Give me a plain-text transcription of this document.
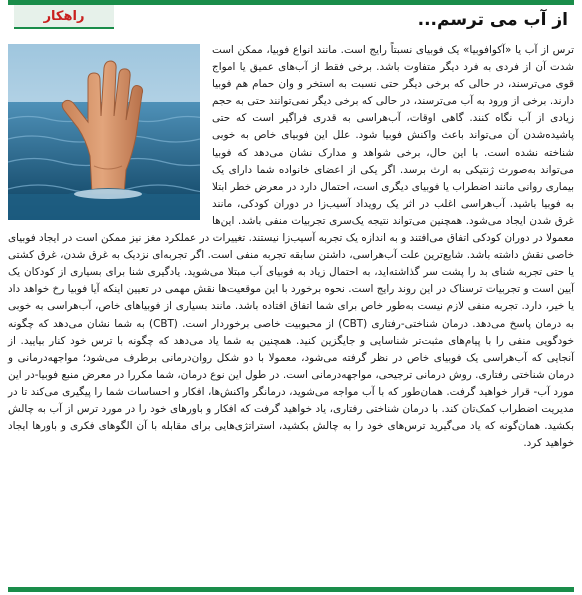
از آب می ترسم...
راهکار

ترس از آب یا «آکوافوبیا» یک فوبیای نسبتاً رایج است. مانند انواع فوبیا، ممکن است شدت آن از فردی به فرد دیگر متفاوت باشد. برخی فقط از آب‌های عمیق یا امواج قوی می‌ترسند، در حالی که برخی دیگر حتی نسبت به استخر و وان حمام هم فوبیا دارند. برخی از ورود به آب می‌ترسند، در حالی که برخی دیگر نمی‌توانند حتی به حجم زیادی از آب نگاه کنند. گاهی اوقات، آب‌هراسی به قدری فراگیر است که حتی پاشیده‌شدن آن می‌تواند باعث واکنش فوبیا شود. علل این فوبیای خاص به خوبی شناخته نشده است. با این حال، برخی شواهد و مدارک نشان می‌دهد که فوبیا می‌تواند به‌صورت ژنتیکی به ارث برسد. اگر یکی از اعضای خانواده شما دارای یک بیماری روانی مانند اضطراب یا فوبیای دیگری است، احتمال دارد در معرض خطر ابتلا به فوبیا باشید. آب‌هراسی اغلب در اثر یک رویداد آسیب‌زا در دوران کودکی، مانند غرق شدن ایجاد می‌شود. همچنین می‌تواند نتیجه یک‌سری تجربیات منفی باشد. این‌ها معمولا در دوران کودکی اتفاق می‌افتند و به اندازه یک تجربه آسیب‌زا نیستند. تغییرات در عملکرد مغز نیز ممکن است در ایجاد فوبیای خاصی نقش داشته باشد. شایع‌ترین علت آب‌هراسی، داشتن سابقه تجربه منفی است. اگر تجربه‌ای نزدیک به غرق شدن، غرق کشتی یا حتی تجربه شنای بد را پشت سر گذاشته‌اید، به احتمال زیاد به فوبیای آب مبتلا می‌شوید. یادگیری شنا برای بسیاری از کودکان یک آیین است و تجربیات ترسناک در این روند رایج است. نحوه برخورد با این موقعیت‌ها نقش مهمی در تعیین اینکه آیا فوبیا رخ خواهد داد یا خیر، دارد. تجربه منفی لازم نیست به‌طور خاص برای شما اتفاق افتاده باشد. مانند بسیاری از فوبیاهای خاص، آب‌هراسی به خوبی به درمان پاسخ می‌دهد. درمان شناختی-رفتاری (CBT) از محبوبیت خاصی برخوردار است. (CBT) به شما نشان می‌دهد که چگونه خودگویی منفی را با پیام‌های مثبت‌تر شناسایی و جایگزین کنید. همچنین به شما یاد می‌دهد که چگونه با ترس خود کنار بیایید. از آنجایی که آب‌هراسی یک فوبیای خاص در نظر گرفته می‌شود، معمولا با دو شکل روان‌درمانی برطرف می‌شود؛ مواجهه‌درمانی و درمان شناختی رفتاری. روش درمانی ترجیحی، مواجهه‌درمانی است. در طول این نوع درمان، شما مکررا در معرض منبع فوبیا-در این مورد آب- قرار خواهید گرفت. همان‌طور که با آب مواجه می‌شوید، درمانگر واکنش‌ها، افکار و احساسات شما را پیگیری می‌کند تا در مدیریت اضطراب کمک‌تان کند. با درمان شناختی رفتاری، یاد خواهید گرفت که افکار و باورهای خود را در مورد ترس از آب به چالش بکشید. همان‌گونه که یاد می‌گیرید ترس‌های خود را به چالش بکشید، استراتژی‌هایی برای مقابله با آن الگوهای فکری و باورها ایجاد خواهید کرد.
